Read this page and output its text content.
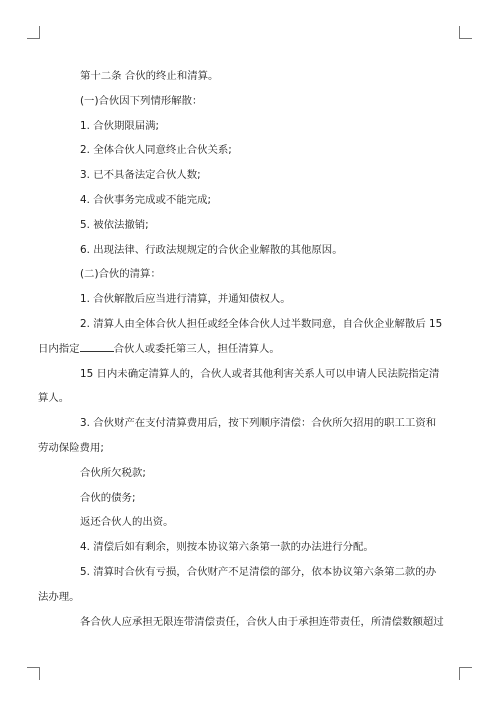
第十二条 合伙的终止和清算。

(一)合伙因下列情形解散：

1. 合伙期限届满;

2. 全体合伙人同意终止合伙关系;

3. 已不具备法定合伙人数;

4. 合伙事务完成或不能完成;

5. 被依法撤销;

6. 出现法律、行政法规规定的合伙企业解散的其他原因。

(二)合伙的清算：

1. 合伙解散后应当进行清算，并通知债权人。

2. 清算人由全体合伙人担任或经全体合伙人过半数同意，自合伙企业解散后 15 日内指定	合伙人或委托第三人，担任清算人。

15 日内未确定清算人的，合伙人或者其他利害关系人可以申请人民法院指定清算人。

3. 合伙财产在支付清算费用后，按下列顺序清偿：合伙所欠招用的职工工资和劳动保险费用;

合伙所欠税款;

合伙的债务;

返还合伙人的出资。

4. 清偿后如有剩余，则按本协议第六条第一款的办法进行分配。

5. 清算时合伙有亏损，合伙财产不足清偿的部分，依本协议第六条第二款的办法办理。

各合伙人应承担无限连带清偿责任，合伙人由于承担连带责任，所清偿数额超过
